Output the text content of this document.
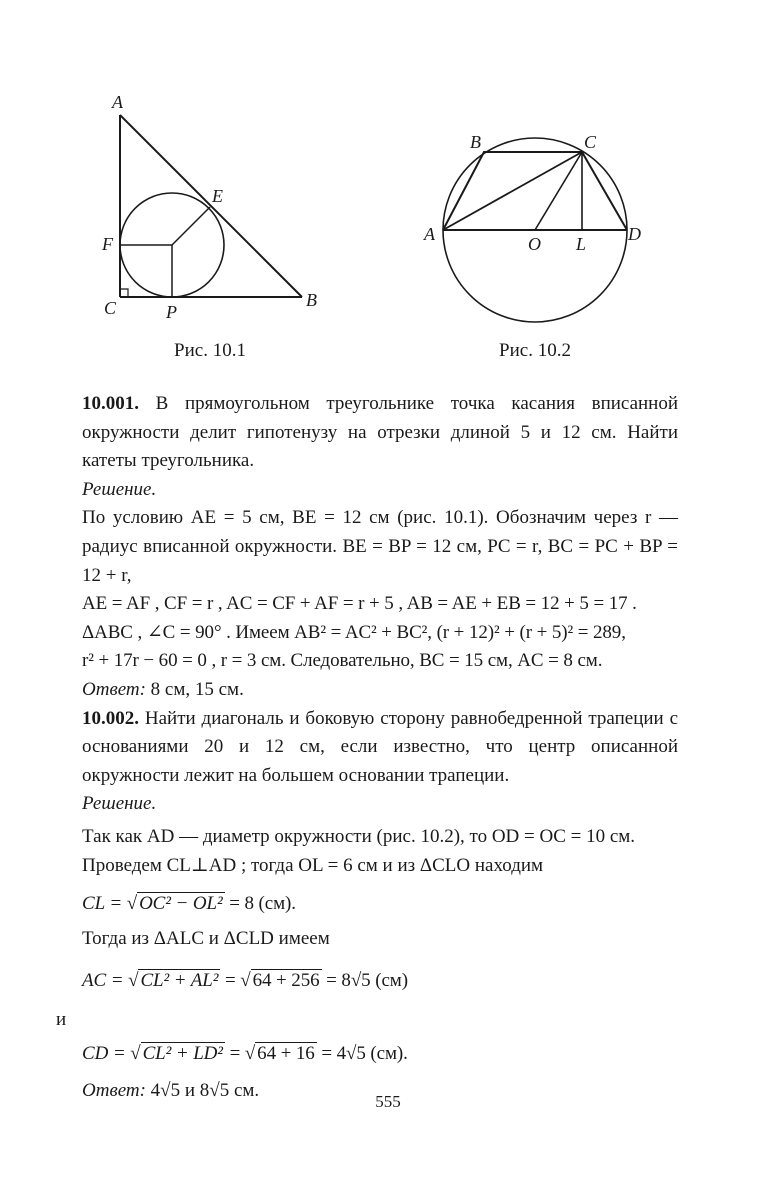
A
E
F
C	P
B
Рис. 10.1
B	C
A	D
O L
Рис. 10.2

10.001. В прямоугольном треугольнике точка касания вписанной окружности делит гипотенузу на отрезки длиной 5 и 12 см. Найти катеты треугольника.

Решение.

По условию AE = 5 см, BE = 12 см (рис. 10.1). Обозначим через r — радиус вписанной окружности. BE = BP = 12 см, PC = r, BC = PC + BP = 12 + r,

AE = AF , CF = r , AC = CF + AF = r + 5 , AB = AE + EB = 12 + 5 = 17 .

ΔABC , ∠C = 90° . Имеем AB² = AC² + BC², (r + 12)² + (r + 5)² = 289,

r² + 17r − 60 = 0 , r = 3 см. Следовательно, BC = 15 см, AC = 8 см.

Ответ: 8 см, 15 см.

10.002. Найти диагональ и боковую сторону равнобедренной трапеции с основаниями 20 и 12 см, если известно, что центр описанной окружности лежит на большем основании трапеции.

Решение.

Так как AD — диаметр окружности (рис. 10.2), то OD = OC = 10 см.

Проведем CL⊥AD ; тогда OL = 6 см и из ΔCLO находим

CL = √ OC² − OL² = 8 (см).

Тогда из ΔALC и ΔCLD имеем

AC = √ CL² + AL² = √ 64 + 256 = 8√5 (см)

и

CD = √ CL² + LD² = √ 64 + 16 = 4√5 (см).

Ответ: 4√5 и 8√5 см.

555
